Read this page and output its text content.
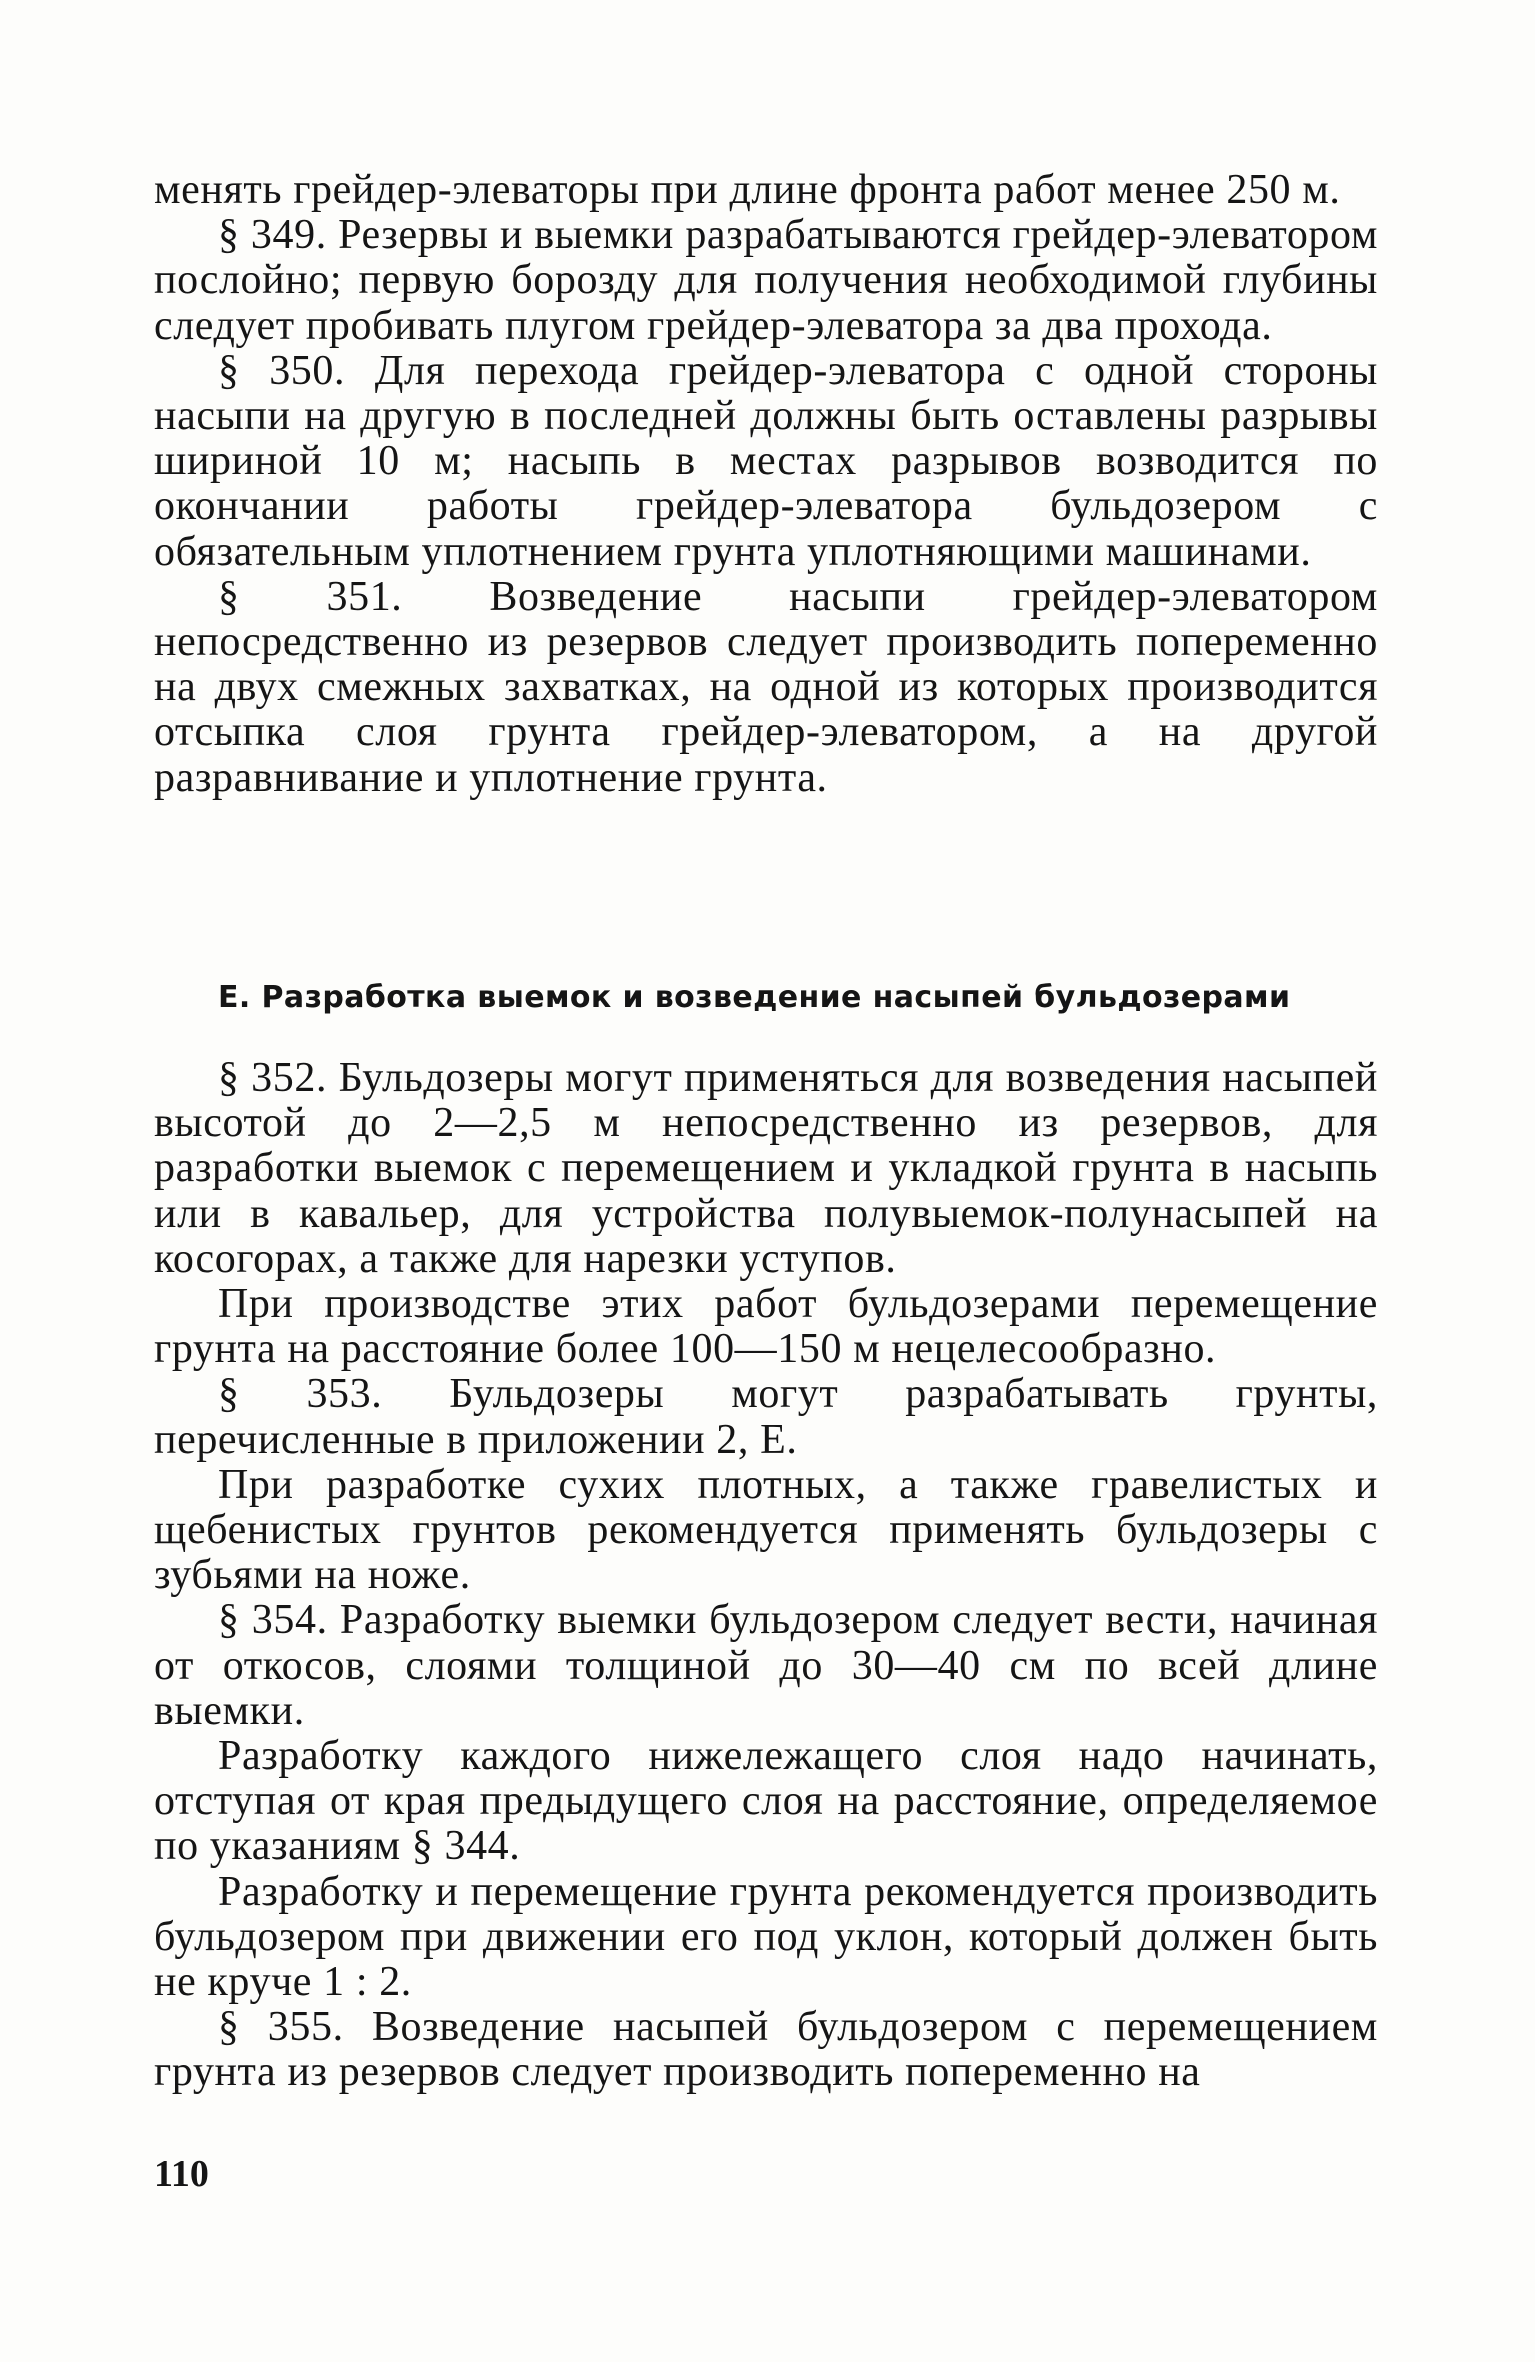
менять грейдер-элеваторы при длине фронта работ менее 250 м.

§ 349. Резервы и выемки разрабатываются грейдер-элеватором послойно; первую борозду для получения необходимой глубины следует пробивать плугом грейдер-элеватора за два прохода.

§ 350. Для перехода грейдер-элеватора с одной стороны насыпи на другую в последней должны быть оставлены разрывы шириной 10 м; насыпь в местах разрывов возводится по окончании работы грейдер-элеватора бульдозером с обязательным уплотнением грунта уплотняющими машинами.

§ 351. Возведение насыпи грейдер-элеватором непосредственно из резервов следует производить попеременно на двух смежных захватках, на одной из которых производится отсыпка слоя грунта грейдер-элеватором, а на другой разравнивание и уплотнение грунта.

Е. Разработка выемок и возведение насыпей бульдозерами

§ 352. Бульдозеры могут применяться для возведения насыпей высотой до 2—2,5 м непосредственно из резервов, для разработки выемок с перемещением и укладкой грунта в насыпь или в кавальер, для устройства полувыемок-полунасыпей на косогорах, а также для нарезки уступов.

При производстве этих работ бульдозерами перемещение грунта на расстояние более 100—150 м нецелесообразно.

§ 353. Бульдозеры могут разрабатывать грунты, перечисленные в приложении 2, Е.

При разработке сухих плотных, а также гравелистых и щебенистых грунтов рекомендуется применять бульдозеры с зубьями на ноже.

§ 354. Разработку выемки бульдозером следует вести, начиная от откосов, слоями толщиной до 30—40 см по всей длине выемки.

Разработку каждого нижележащего слоя надо начинать, отступая от края предыдущего слоя на расстояние, определяемое по указаниям § 344.

Разработку и перемещение грунта рекомендуется производить бульдозером при движении его под уклон, который должен быть не круче 1 : 2.

§ 355. Возведение насыпей бульдозером с перемещением грунта из резервов следует производить попеременно на

110
